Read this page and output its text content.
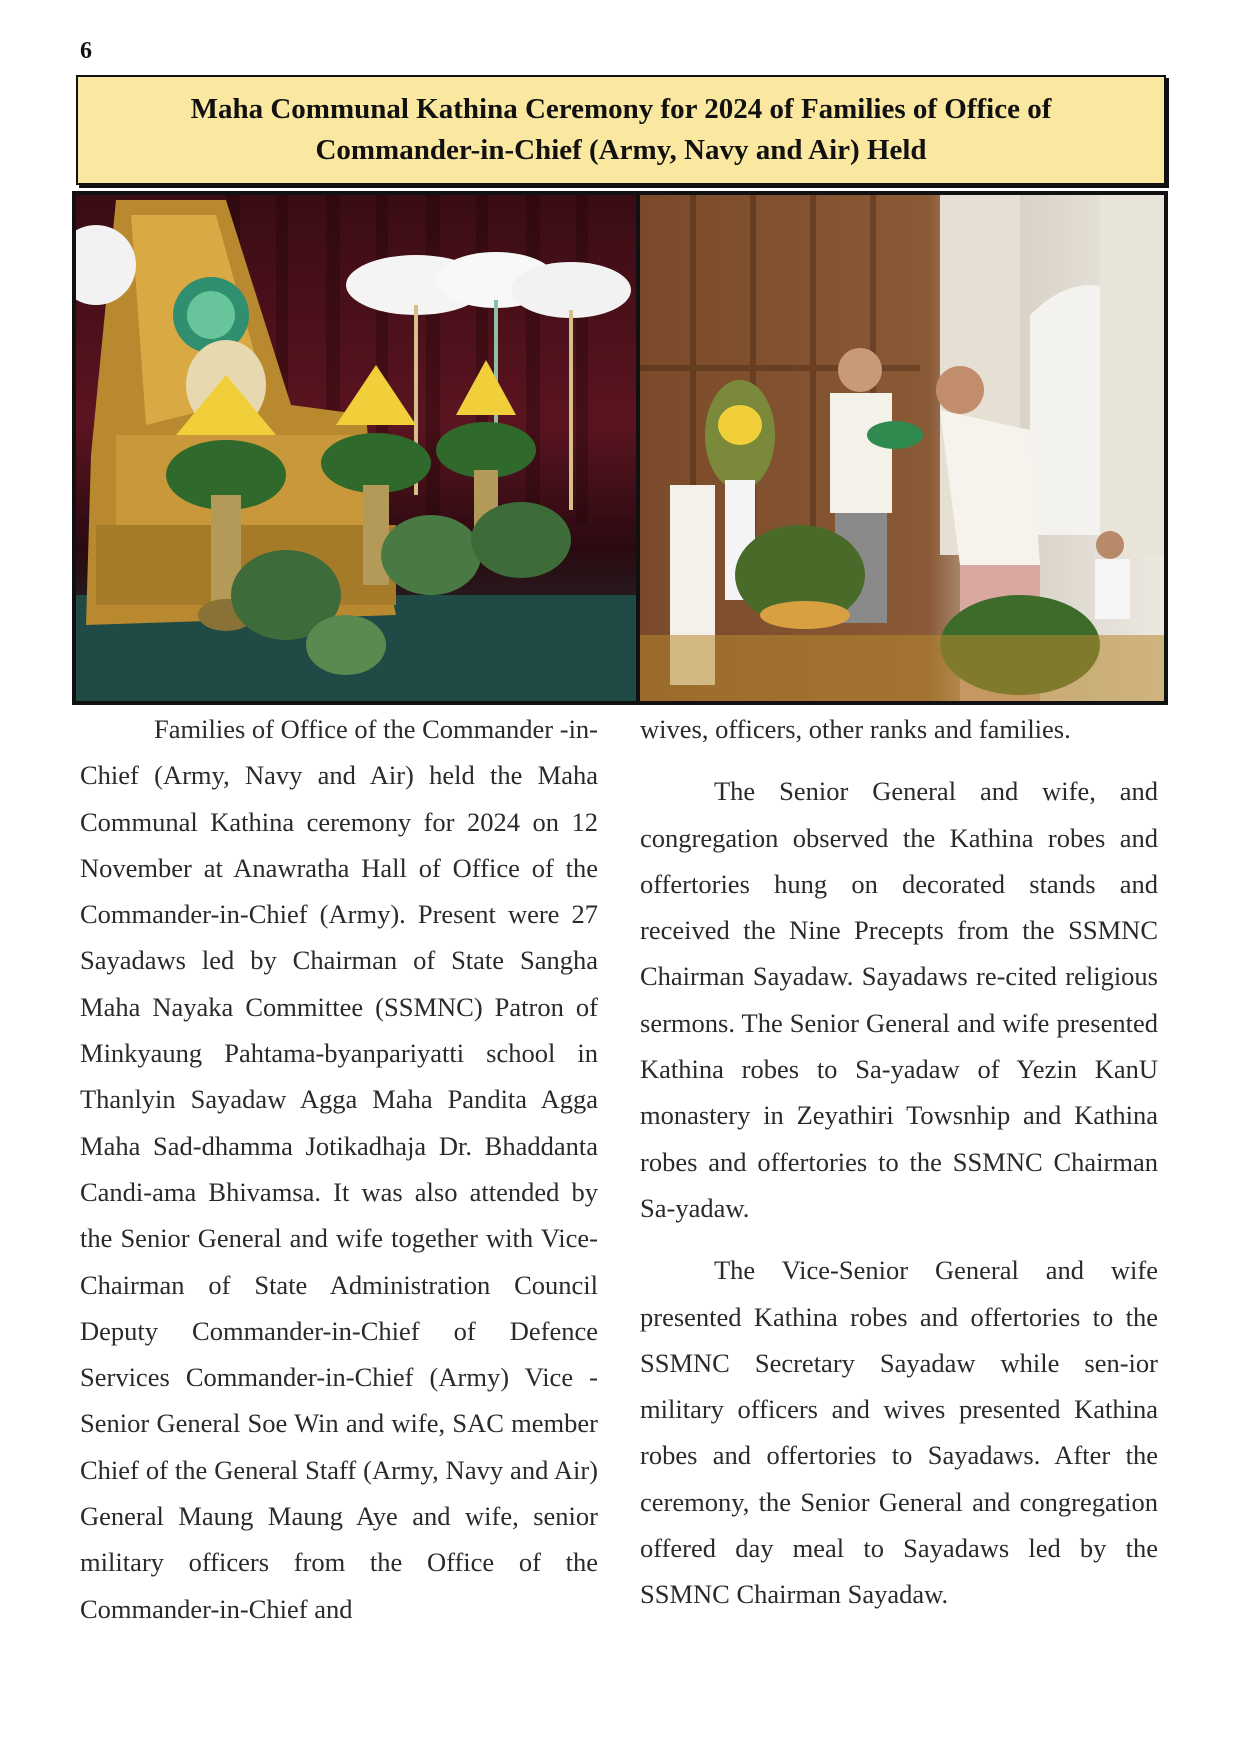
6
Maha Communal Kathina Ceremony for 2024 of Families of Office of Commander-in-Chief (Army, Navy and Air) Held

Families of Office of the Commander -in-Chief (Army, Navy and Air) held the Maha Communal Kathina ceremony for 2024 on 12 November at Anawratha Hall of Office of the Commander-in-Chief (Army). Present were 27 Sayadaws led by Chairman of State Sangha Maha Nayaka Committee (SSMNC) Patron of Minkyaung Pahtama-byanpariyatti school in Thanlyin Sayadaw Agga Maha Pandita Agga Maha Sad-dhamma Jotikadhaja Dr. Bhaddanta Candi-ama Bhivamsa. It was also attended by the Senior General and wife together with Vice-Chairman of State Administration Council Deputy Commander-in-Chief of Defence Services Commander-in-Chief (Army) Vice -Senior General Soe Win and wife, SAC member Chief of the General Staff (Army, Navy and Air) General Maung Maung Aye and wife, senior military officers from the Office of the Commander-in-Chief and

wives, officers, other ranks and families.

The Senior General and wife, and congregation observed the Kathina robes and offertories hung on decorated stands and received the Nine Precepts from the SSMNC Chairman Sayadaw. Sayadaws re-cited religious sermons. The Senior General and wife presented Kathina robes to Sa-yadaw of Yezin KanU monastery in Zeyathiri Towsnhip and Kathina robes and offertories to the SSMNC Chairman Sa-yadaw.

The Vice-Senior General and wife presented Kathina robes and offertories to the SSMNC Secretary Sayadaw while sen-ior military officers and wives presented Kathina robes and offertories to Sayadaws. After the ceremony, the Senior General and congregation offered day meal to Sayadaws led by the SSMNC Chairman Sayadaw.
